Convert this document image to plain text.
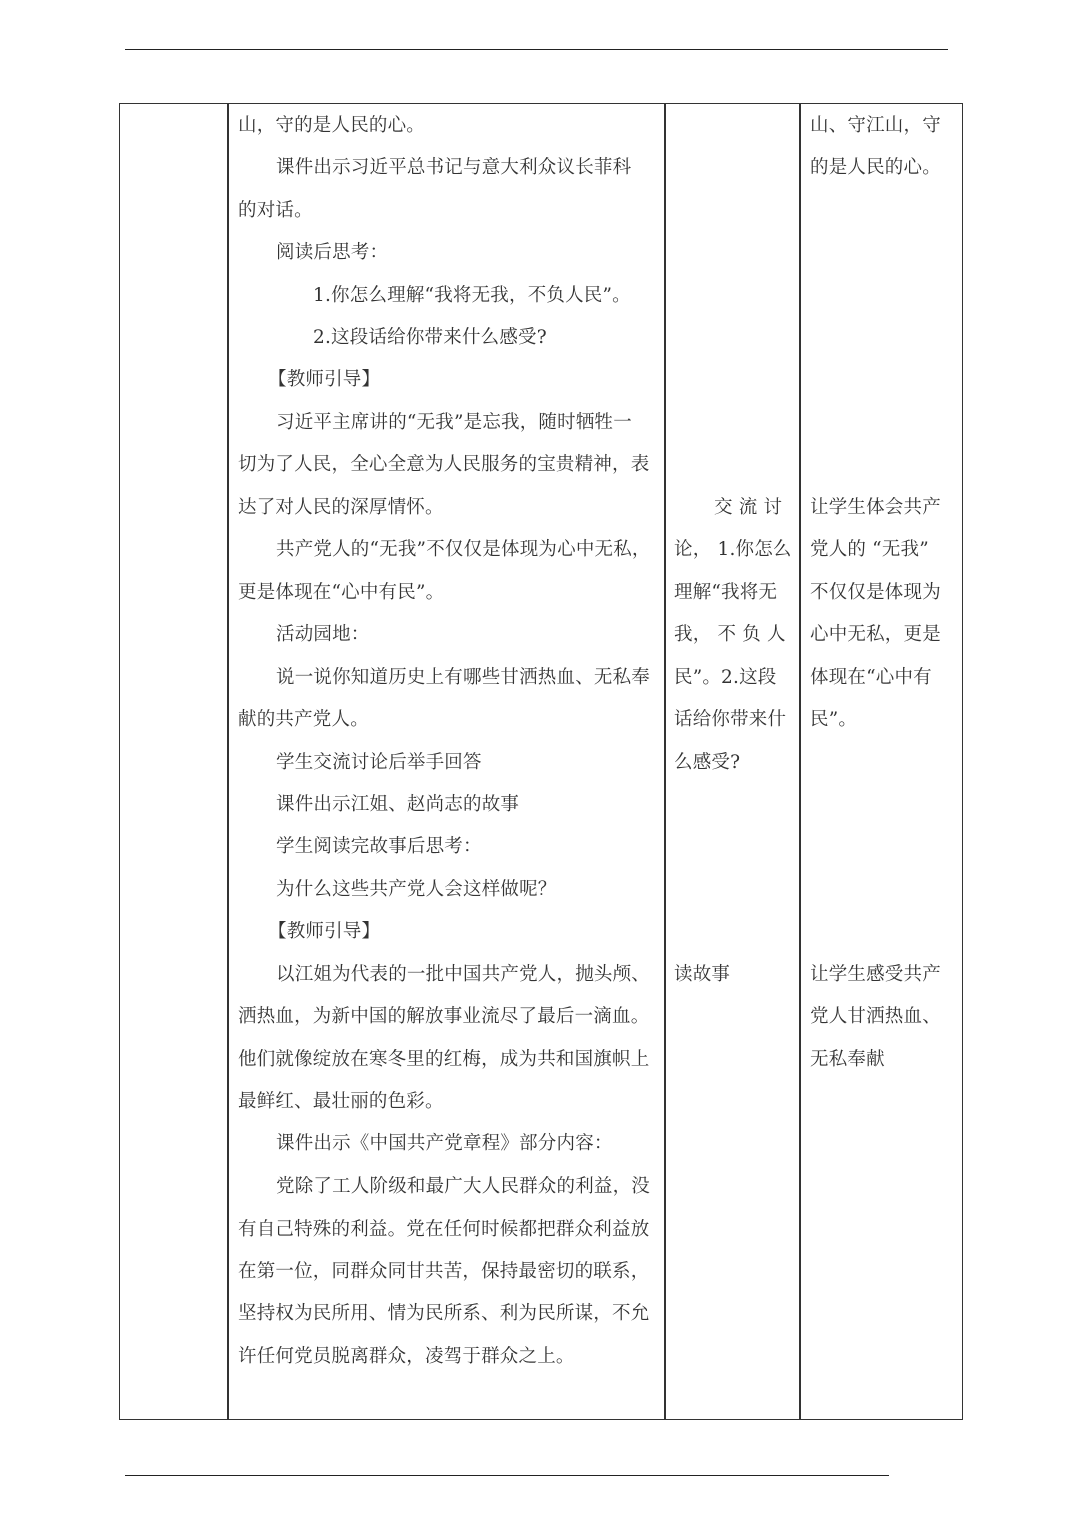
山，守的是人民的心。
课件出示习近平总书记与意大利众议长菲科
的对话。
阅读后思考：
1.你怎么理解“我将无我，不负人民”。
2.这段话给你带来什么感受?
【教师引导】
习近平主席讲的“无我”是忘我，随时牺牲一
切为了人民，全心全意为人民服务的宝贵精神，表
达了对人民的深厚情怀。
共产党人的“无我”不仅仅是体现为心中无私，
更是体现在“心中有民”。
活动园地：
说一说你知道历史上有哪些甘洒热血、无私奉
献的共产党人。
学生交流讨论后举手回答
课件出示江姐、赵尚志的故事
学生阅读完故事后思考：
为什么这些共产党人会这样做呢？
【教师引导】
以江姐为代表的一批中国共产党人，抛头颅、
洒热血，为新中国的解放事业流尽了最后一滴血。
他们就像绽放在寒冬里的红梅，成为共和国旗帜上
最鲜红、最壮丽的色彩。
课件出示《中国共产党章程》部分内容：
党除了工人阶级和最广大人民群众的利益，没
有自己特殊的利益。党在任何时候都把群众利益放
在第一位，同群众同甘共苦，保持最密切的联系，
坚持权为民所用、情为民所系、利为民所谋，不允
许任何党员脱离群众，凌驾于群众之上。
交 流 讨
论， 1.你怎么
理解“我将无
我， 不 负 人
民”。2.这段
话给你带来什
么感受?
读故事
山、守江山，守
的是人民的心。
让学生体会共产
党人的 “无我”
不仅仅是体现为
心中无私，更是
体现在“心中有
民”。
让学生感受共产
党人甘洒热血、
无私奉献
